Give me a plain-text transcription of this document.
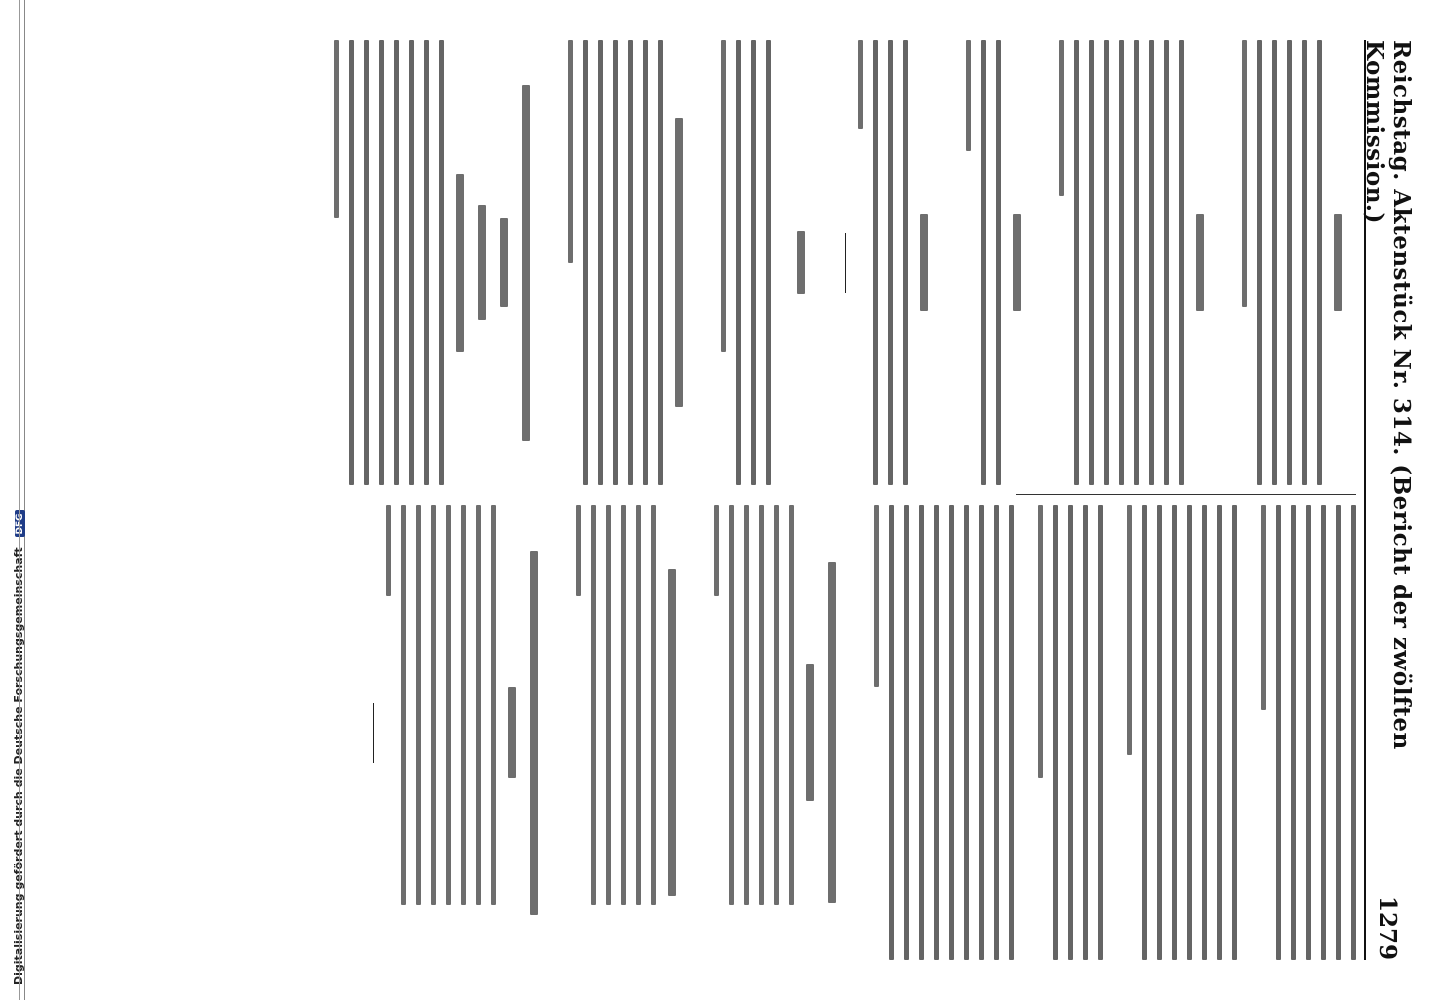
Digitalisierung gefördert durch die Deutsche Forschungsgemeinschaft DFG	Reichstag. Aktenstück Nr. 314. (Bericht der zwölften Kommission.)
1279
